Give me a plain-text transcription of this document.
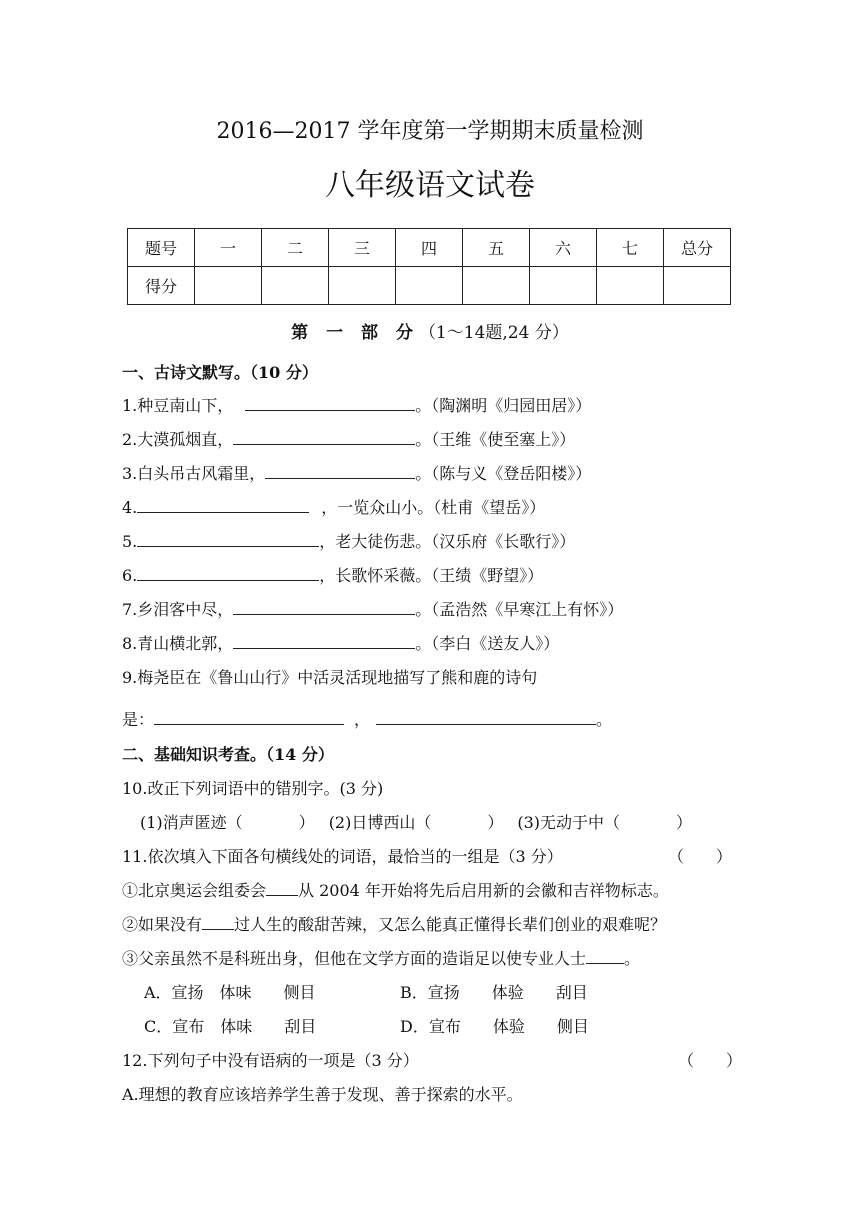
2016—2017 学年度第一学期期末质量检测
八年级语文试卷
题号	一	二	三	四	五	六	七	总分
得分								
第 一 部 分（1～14题,24 分）
一、古诗文默写。（10 分）
1.种豆南山下，	。（陶渊明《归园田居》）
2.大漠孤烟直，	。（王维《使至塞上》）
3.白头吊古风霜里，	。（陈与义《登岳阳楼》）
4.	，一览众山小。（杜甫《望岳》）
5.	，老大徒伤悲。（汉乐府《长歌行》）
6.	，长歌怀采薇。（王绩《野望》）
7.乡泪客中尽，	。（孟浩然《早寒江上有怀》）
8.青山横北郭，	。（李白《送友人》）
9.梅尧臣在《鲁山山行》中活灵活现地描写了熊和鹿的诗句
是：	，	。
二、基础知识考查。（14 分）
10.改正下列词语中的错别字。(3 分)
(1)消声匿迹（	） (2)日博西山（	） (3)无动于中（	）
11.依次填入下面各句横线处的词语，最恰当的一组是（3 分）	（　　）
①北京奥运会组委会 从 2004 年开始将先后启用新的会徽和吉祥物标志。
②如果没有 过人生的酸甜苦辣，又怎么能真正懂得长辈们创业的艰难呢？
③父亲虽然不是科班出身，但他在文学方面的造诣足以使专业人士 。
A．宣扬　体味　　侧目	B．宣扬　　体验　　刮目
C．宣布　体味　　刮目	D．宣布　　体验　　侧目
12.下列句子中没有语病的一项是（3 分）	（　　）
A.理想的教育应该培养学生善于发现、善于探索的水平。
